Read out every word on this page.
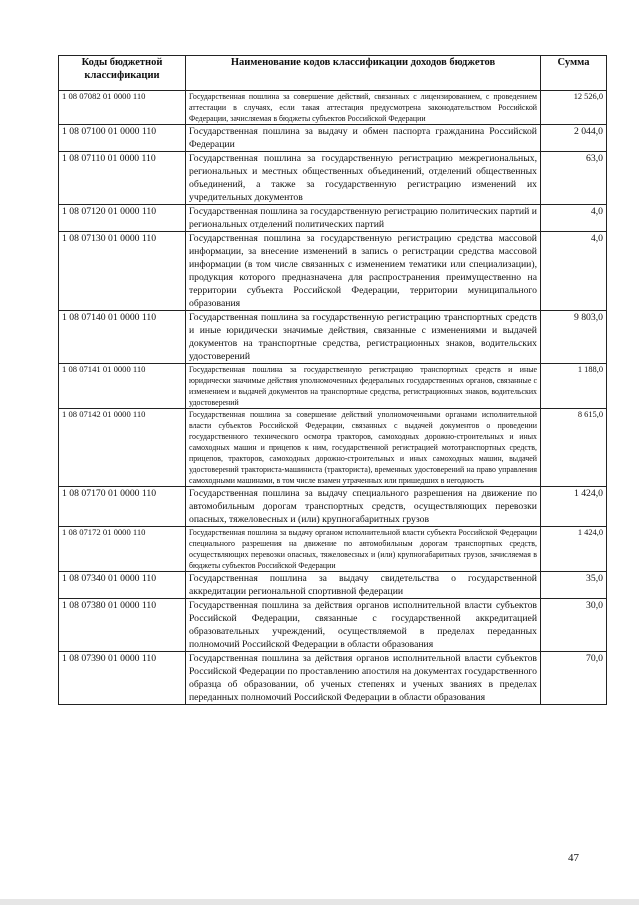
Коды бюджетной классификации	Наименование кодов классификации доходов бюджетов	Сумма
1 08 07082 01 0000 110	Государственная пошлина за совершение действий, связанных с лицензированием, с проведением аттестации в случаях, если такая аттестация предусмотрена законодательством Российской Федерации, зачисляемая в бюджеты субъектов Российской Федерации	12 526,0
1 08 07100 01 0000 110	Государственная пошлина за выдачу и обмен паспорта гражданина Российской Федерации	2 044,0
1 08 07110 01 0000 110	Государственная пошлина за государственную регистрацию межрегиональных, региональных и местных общественных объединений, отделений общественных объединений, а также за государственную регистрацию изменений их учредительных документов	63,0
1 08 07120 01 0000 110	Государственная пошлина за государственную регистрацию политических партий и региональных отделений политических партий	4,0
1 08 07130 01 0000 110	Государственная пошлина за государственную регистрацию средства массовой информации, за внесение изменений в запись о регистрации средства массовой информации (в том числе связанных с изменением тематики или специализации), продукция которого предназначена для распространения преимущественно на территории субъекта Российской Федерации, территории муниципального образования	4,0
1 08 07140 01 0000 110	Государственная пошлина за государственную регистрацию транспортных средств и иные юридически значимые действия, связанные с изменениями и выдачей документов на транспортные средства, регистрационных знаков, водительских удостоверений	9 803,0
1 08 07141 01 0000 110	Государственная пошлина за государственную регистрацию транспортных средств и иные юридически значимые действия уполномоченных федеральных государственных органов, связанные с изменением и выдачей документов на транспортные средства, регистрационных знаков, водительских удостоверений	1 188,0
1 08 07142 01 0000 110	Государственная пошлина за совершение действий уполномоченными органами исполнительной власти субъектов Российской Федерации, связанных с выдачей документов о проведении государственного технического осмотра тракторов, самоходных дорожно-строительных и иных самоходных машин и прицепов к ним, государственной регистрацией мототранспортных средств, прицепов, тракторов, самоходных дорожно-строительных и иных самоходных машин, выдачей удостоверений тракториста-машиниста (тракториста), временных удостоверений на право управления самоходными машинами, в том числе взамен утраченных или пришедших в негодность	8 615,0
1 08 07170 01 0000 110	Государственная пошлина за выдачу специального разрешения на движение по автомобильным дорогам транспортных средств, осуществляющих перевозки опасных, тяжеловесных и (или) крупногабаритных грузов	1 424,0
1 08 07172 01 0000 110	Государственная пошлина за выдачу органом исполнительной власти субъекта Российской Федерации специального разрешения на движение по автомобильным дорогам транспортных средств, осуществляющих перевозки опасных, тяжеловесных и (или) крупногабаритных грузов, зачисляемая в бюджеты субъектов Российской Федерации	1 424,0
1 08 07340 01 0000 110	Государственная пошлина за выдачу свидетельства о государственной аккредитации региональной спортивной федерации	35,0
1 08 07380 01 0000 110	Государственная пошлина за действия органов исполнительной власти субъектов Российской Федерации, связанные с государственной аккредитацией образовательных учреждений, осуществляемой в пределах переданных полномочий Российской Федерации в области образования	30,0
1 08 07390 01 0000 110	Государственная пошлина за действия органов исполнительной власти субъектов Российской Федерации по проставлению апостиля на документах государственного образца об образовании, об ученых степенях и ученых званиях в пределах переданных полномочий Российской Федерации в области образования	70,0
47
